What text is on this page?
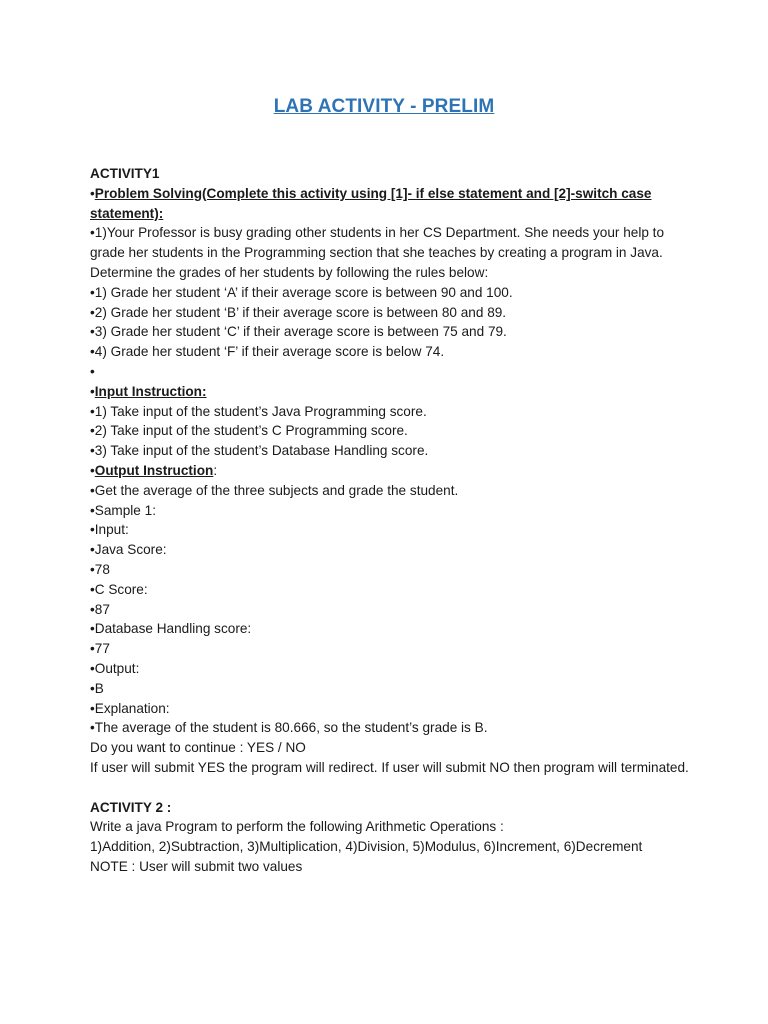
LAB ACTIVITY - PRELIM
ACTIVITY1
•Problem Solving(Complete this activity using [1]- if else statement and [2]-switch case statement):
•1)Your Professor is busy grading other students in her CS Department. She needs your help to grade her students in the Programming section that she teaches by creating a program in Java. Determine the grades of her students by following the rules below:
•1) Grade her student ‘A’ if their average score is between 90 and 100.
•2) Grade her student ‘B’ if their average score is between 80 and 89.
•3) Grade her student ‘C’ if their average score is between 75 and 79.
•4) Grade her student ‘F’ if their average score is below 74.
•
•Input Instruction:
•1) Take input of the student’s Java Programming score.
•2) Take input of the student’s C Programming score.
•3) Take input of the student’s Database Handling score.
•Output Instruction:
•Get the average of the three subjects and grade the student.
•Sample 1:
•Input:
•Java Score:
•78
•C Score:
•87
•Database Handling score:
•77
•Output:
•B
•Explanation:
•The average of the student is 80.666, so the student’s grade is B.
Do you want to continue : YES / NO
If user will submit YES the program will redirect. If user will submit NO then program will terminated.
ACTIVITY 2 :
Write a java Program to perform the following Arithmetic Operations :
1)Addition, 2)Subtraction, 3)Multiplication, 4)Division, 5)Modulus, 6)Increment, 6)Decrement
NOTE : User will submit two values
